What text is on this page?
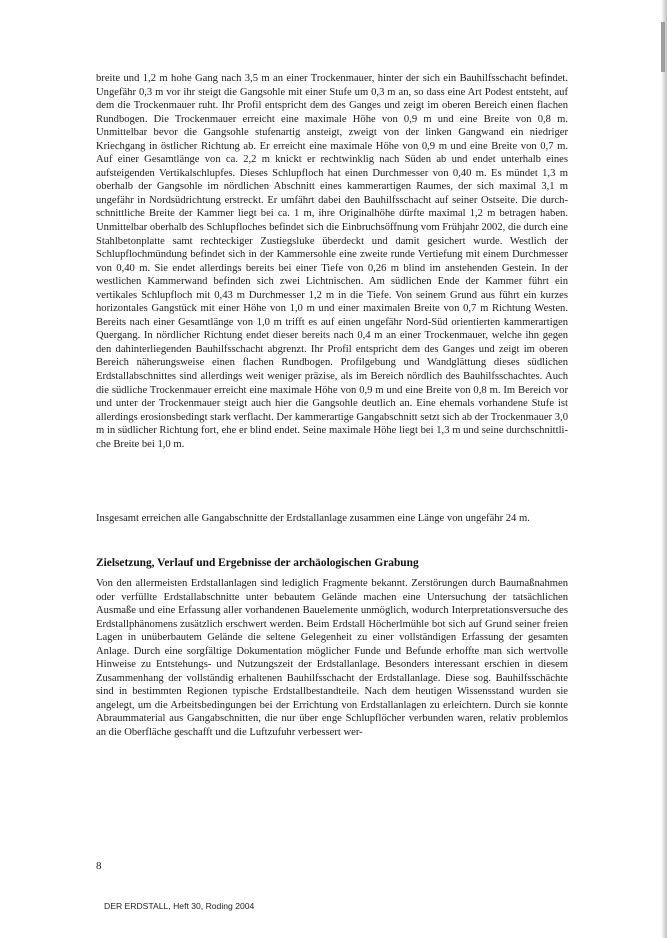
breite und 1,2 m hohe Gang nach 3,5 m an einer Trockenmauer, hinter der sich ein Bauhilfsschacht befindet. Ungefähr 0,3 m vor ihr steigt die Gangsohle mit einer Stufe um 0,3 m an, so dass eine Art Podest entsteht, auf dem die Trockenmauer ruht. Ihr Profil entspricht dem des Ganges und zeigt im oberen Bereich einen flachen Rundbogen. Die Trockenmauer erreicht eine maximale Höhe von 0,9 m und eine Breite von 0,8 m. Unmittelbar bevor die Gangsohle stufenartig ansteigt, zweigt von der linken Gangwand ein niedriger Kriechgang in östlicher Richtung ab. Er erreicht eine maximale Höhe von 0,9 m und eine Breite von 0,7 m. Auf einer Gesamtlänge von ca. 2,2 m knickt er rechtwinklig nach Süden ab und endet unterhalb eines aufsteigenden Vertikalschlupfes. Dieses Schlupfloch hat einen Durchmesser von 0,40 m. Es mündet 1,3 m oberhalb der Gangsohle im nördlichen Abschnitt eines kammerartigen Raumes, der sich maximal 3,1 m ungefähr in Nordsüdrichtung erstreckt. Er umfährt dabei den Bauhilfsschacht auf seiner Ostseite. Die durchschnittliche Breite der Kammer liegt bei ca. 1 m, ihre Originalhöhe dürfte maximal 1,2 m betragen haben. Unmittelbar oberhalb des Schlupfloches befindet sich die Einbruchsöffnung vom Frühjahr 2002, die durch eine Stahlbetonplatte samt rechteckiger Zustiegsluke überdeckt und damit gesichert wurde. Westlich der Schlupflochmündung befindet sich in der Kammersohle eine zweite runde Vertiefung mit einem Durchmesser von 0,40 m. Sie endet allerdings bereits bei einer Tiefe von 0,26 m blind im anstehenden Gestein. In der westlichen Kammerwand befinden sich zwei Lichtnischen. Am südlichen Ende der Kammer führt ein vertikales Schlupfloch mit 0,43 m Durchmesser 1,2 m in die Tiefe. Von seinem Grund aus führt ein kurzes horizontales Gangstück mit einer Höhe von 1,0 m und einer maximalen Breite von 0,7 m Richtung Westen. Bereits nach einer Gesamtlänge von 1,0 m trifft es auf einen ungefähr Nord-Süd orientierten kammerartigen Quergang. In nördlicher Richtung endet dieser bereits nach 0,4 m an einer Trockenmauer, welche ihn gegen den dahinterliegenden Bauhilfsschacht abgrenzt. Ihr Profil entspricht dem des Ganges und zeigt im oberen Bereich näherungsweise einen flachen Rundbogen. Profilgebung und Wandglättung dieses südlichen Erdstallabschnittes sind allerdings weit weniger präzise, als im Bereich nördlich des Bauhilfsschachtes. Auch die südliche Trockenmauer erreicht eine maximale Höhe von 0,9 m und eine Breite von 0,8 m. Im Bereich vor und unter der Trockenmauer steigt auch hier die Gangsohle deutlich an. Eine ehemals vorhandene Stufe ist allerdings erosionsbedingt stark verflacht. Der kammerartige Gangabschnitt setzt sich ab der Trockenmauer 3,0 m in südlicher Richtung fort, ehe er blind endet. Seine maximale Höhe liegt bei 1,3 m und seine durchschnittliche Breite bei 1,0 m.

Insgesamt erreichen alle Gangabschnitte der Erdstallanlage zusammen eine Länge von ungefähr 24 m.

Zielsetzung, Verlauf und Ergebnisse der archäologischen Grabung

Von den allermeisten Erdstallanlagen sind lediglich Fragmente bekannt. Zerstörungen durch Baumaßnahmen oder verfüllte Erdstallabschnitte unter bebautem Gelände machen eine Untersuchung der tatsächlichen Ausmaße und eine Erfassung aller vorhandenen Bauelemente unmöglich, wodurch Interpretationsversuche des Erdstallphänomens zusätzlich erschwert werden. Beim Erdstall Höcherlmühle bot sich auf Grund seiner freien Lagen in unüberbautem Gelände die seltene Gelegenheit zu einer vollständigen Erfassung der gesamten Anlage. Durch eine sorgfältige Dokumentation möglicher Funde und Befunde erhoffte man sich wertvolle Hinweise zu Entstehungs- und Nutzungszeit der Erdstallanlage. Besonders interessant erschien in diesem Zusammenhang der vollständig erhaltenen Bauhilfsschacht der Erdstallanlage. Diese sog. Bauhilfsschächte sind in bestimmten Regionen typische Erdstallbestandteile. Nach dem heutigen Wissensstand wurden sie angelegt, um die Arbeitsbedingungen bei der Errichtung von Erdstallanlagen zu erleichtern. Durch sie konnte Abraummaterial aus Gangabschnitten, die nur über enge Schlupflöcher verbunden waren, relativ problemlos an die Oberfläche geschafft und die Luftzufuhr verbessert wer-

8
DER ERDSTALL, Heft 30, Roding 2004
